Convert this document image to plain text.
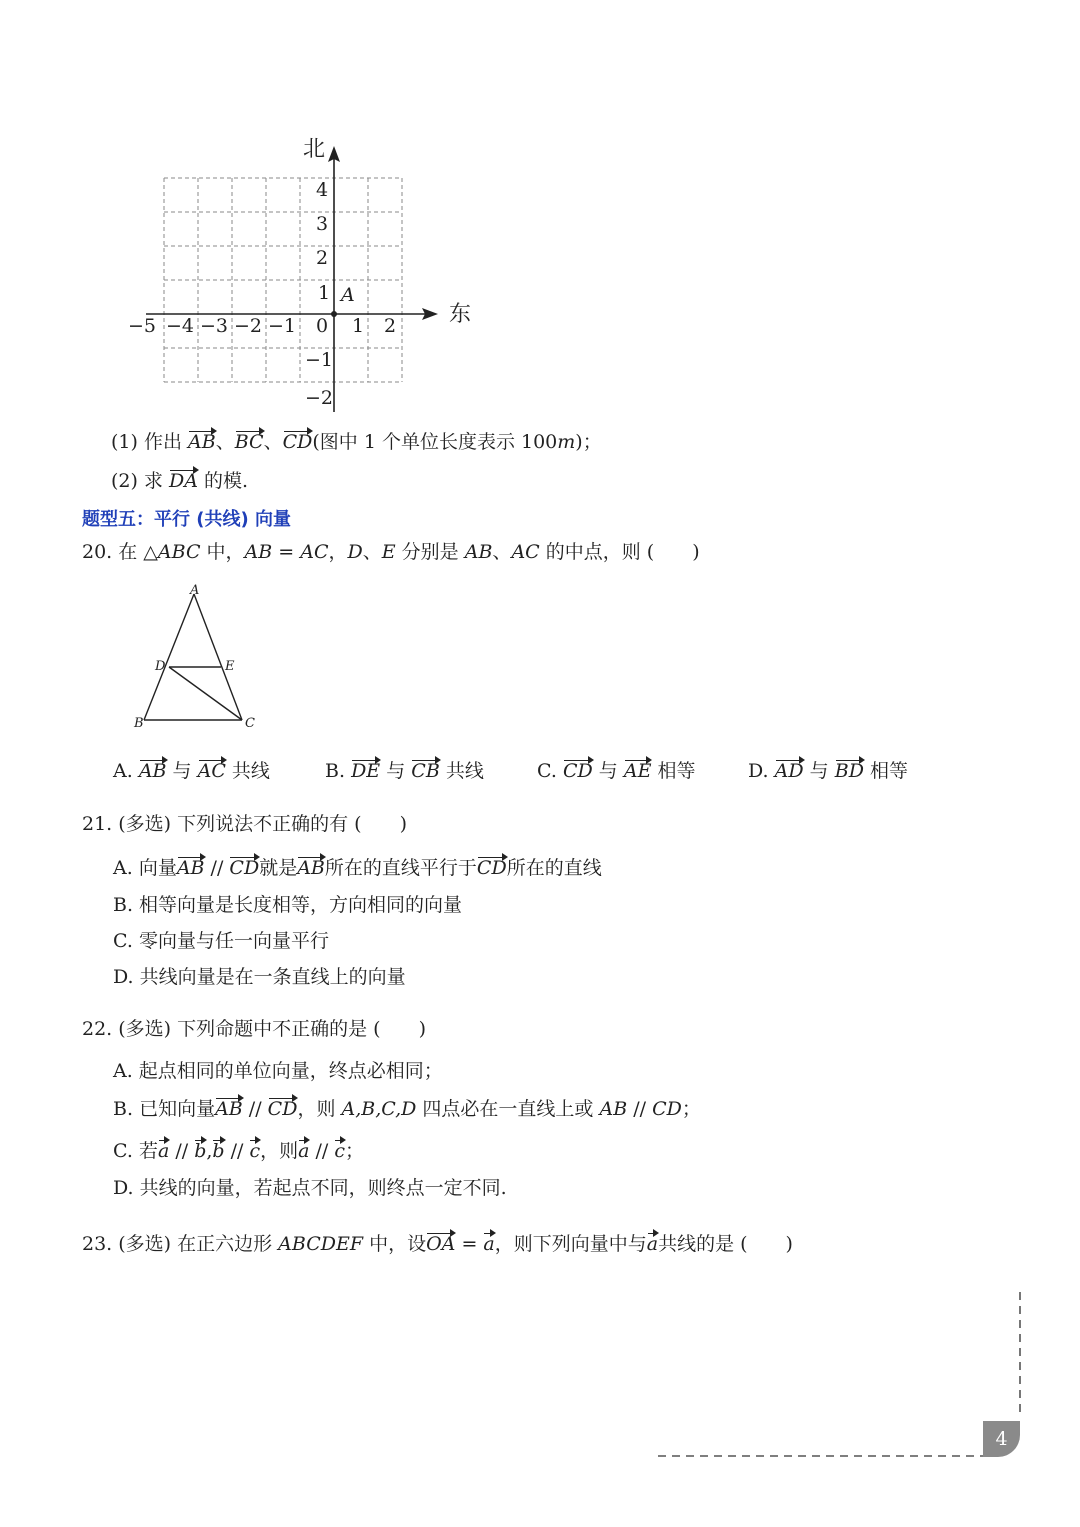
北
东
A
−5 −4 −3 −2 −1 0 1 2
4
3
2
1
−1
−2
(1) 作出 AB、BC、CD(图中 1 个单位长度表示 100m)；
(2) 求 DA 的模.
题型五：平行 (共线) 向量
20. 在 △ABC 中，AB = AC，D、E 分别是 AB、AC 的中点，则 (　　)
A
D	E
B	C
A. AB 与 AC 共线	B. DE 与 CB 共线	C. CD 与 AE 相等	D. AD 与 BD 相等
21. (多选) 下列说法不正确的有 (　　)
A. 向量AB // CD就是AB所在的直线平行于CD所在的直线
B. 相等向量是长度相等，方向相同的向量
C. 零向量与任一向量平行
D. 共线向量是在一条直线上的向量
22. (多选) 下列命题中不正确的是 (　　)
A. 起点相同的单位向量，终点必相同；
B. 已知向量AB // CD，则 A,B,C,D 四点必在一直线上或 AB // CD；
C. 若a // b,b // c，则a // c；
D. 共线的向量，若起点不同，则终点一定不同.
23. (多选) 在正六边形 ABCDEF 中，设OA = a，则下列向量中与a共线的是 (　　)
4
